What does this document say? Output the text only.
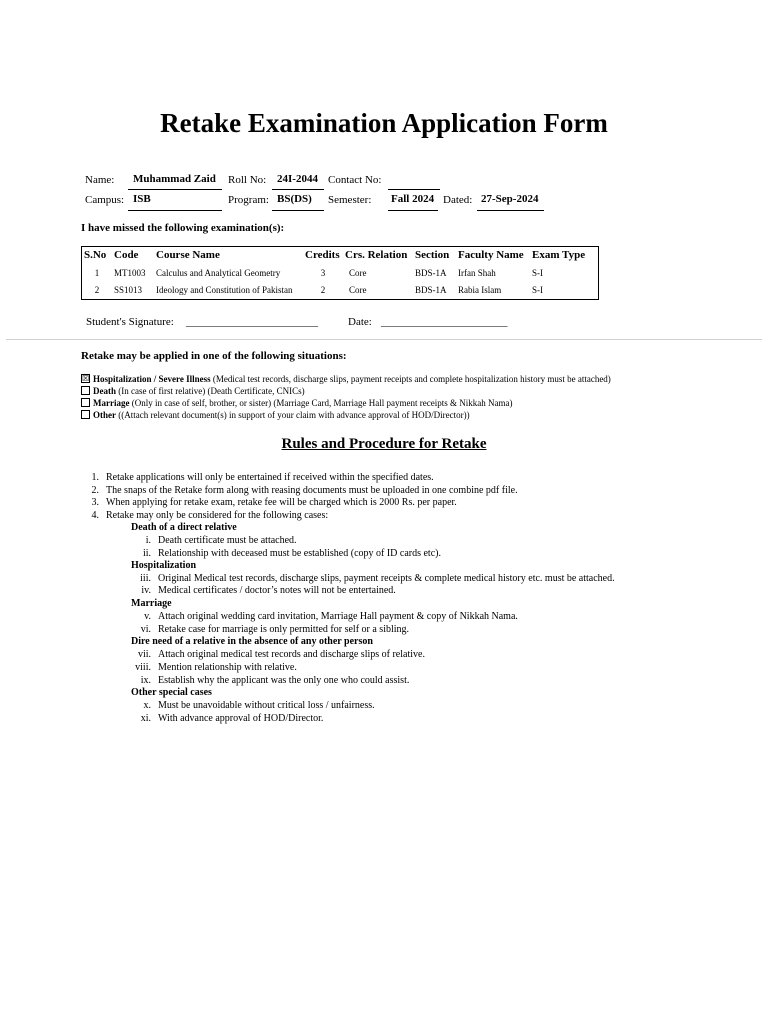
Retake Examination Application Form
Name: Muhammad Zaid Roll No: 24I-2044 Contact No:
Campus: ISB	Program: BS(DS) Semester: Fall 2024 Dated: 27-Sep-2024
I have missed the following examination(s):
S.No	Code	Course Name	Credits	Crs. Relation	Section	Faculty Name	Exam Type
1	MT1003	Calculus and Analytical Geometry	3	Core	BDS-1A	Irfan Shah	S-I
2	SS1013	Ideology and Constitution of Pakistan	2	Core	BDS-1A	Rabia Islam	S-I
Student's Signature: ________________________	Date: _______________________
Retake may be applied in one of the following situations:
☒ Hospitalization / Severe Illness (Medical test records, discharge slips, payment receipts and complete hospitalization history must be attached)
Death (In case of first relative) (Death Certificate, CNICs)
Marriage (Only in case of self, brother, or sister) (Marriage Card, Marriage Hall payment receipts & Nikkah Nama)
Other ((Attach relevant document(s) in support of your claim with advance approval of HOD/Director))
Rules and Procedure for Retake
1. Retake applications will only be entertained if received within the specified dates.
2. The snaps of the Retake form along with reasing documents must be uploaded in one combine pdf file.
3. When applying for retake exam, retake fee will be charged which is 2000 Rs. per paper.
4. Retake may only be considered for the following cases:
Death of a direct relative
i. Death certificate must be attached.
ii. Relationship with deceased must be established (copy of ID cards etc).
Hospitalization
iii. Original Medical test records, discharge slips, payment receipts & complete medical history etc. must be attached.
iv. Medical certificates / doctor’s notes will not be entertained.
Marriage
v. Attach original wedding card invitation, Marriage Hall payment & copy of Nikkah Nama.
vi. Retake case for marriage is only permitted for self or a sibling.
Dire need of a relative in the absence of any other person
vii. Attach original medical test records and discharge slips of relative.
viii. Mention relationship with relative.
ix. Establish why the applicant was the only one who could assist.
Other special cases
x. Must be unavoidable without critical loss / unfairness.
xi. With advance approval of HOD/Director.
